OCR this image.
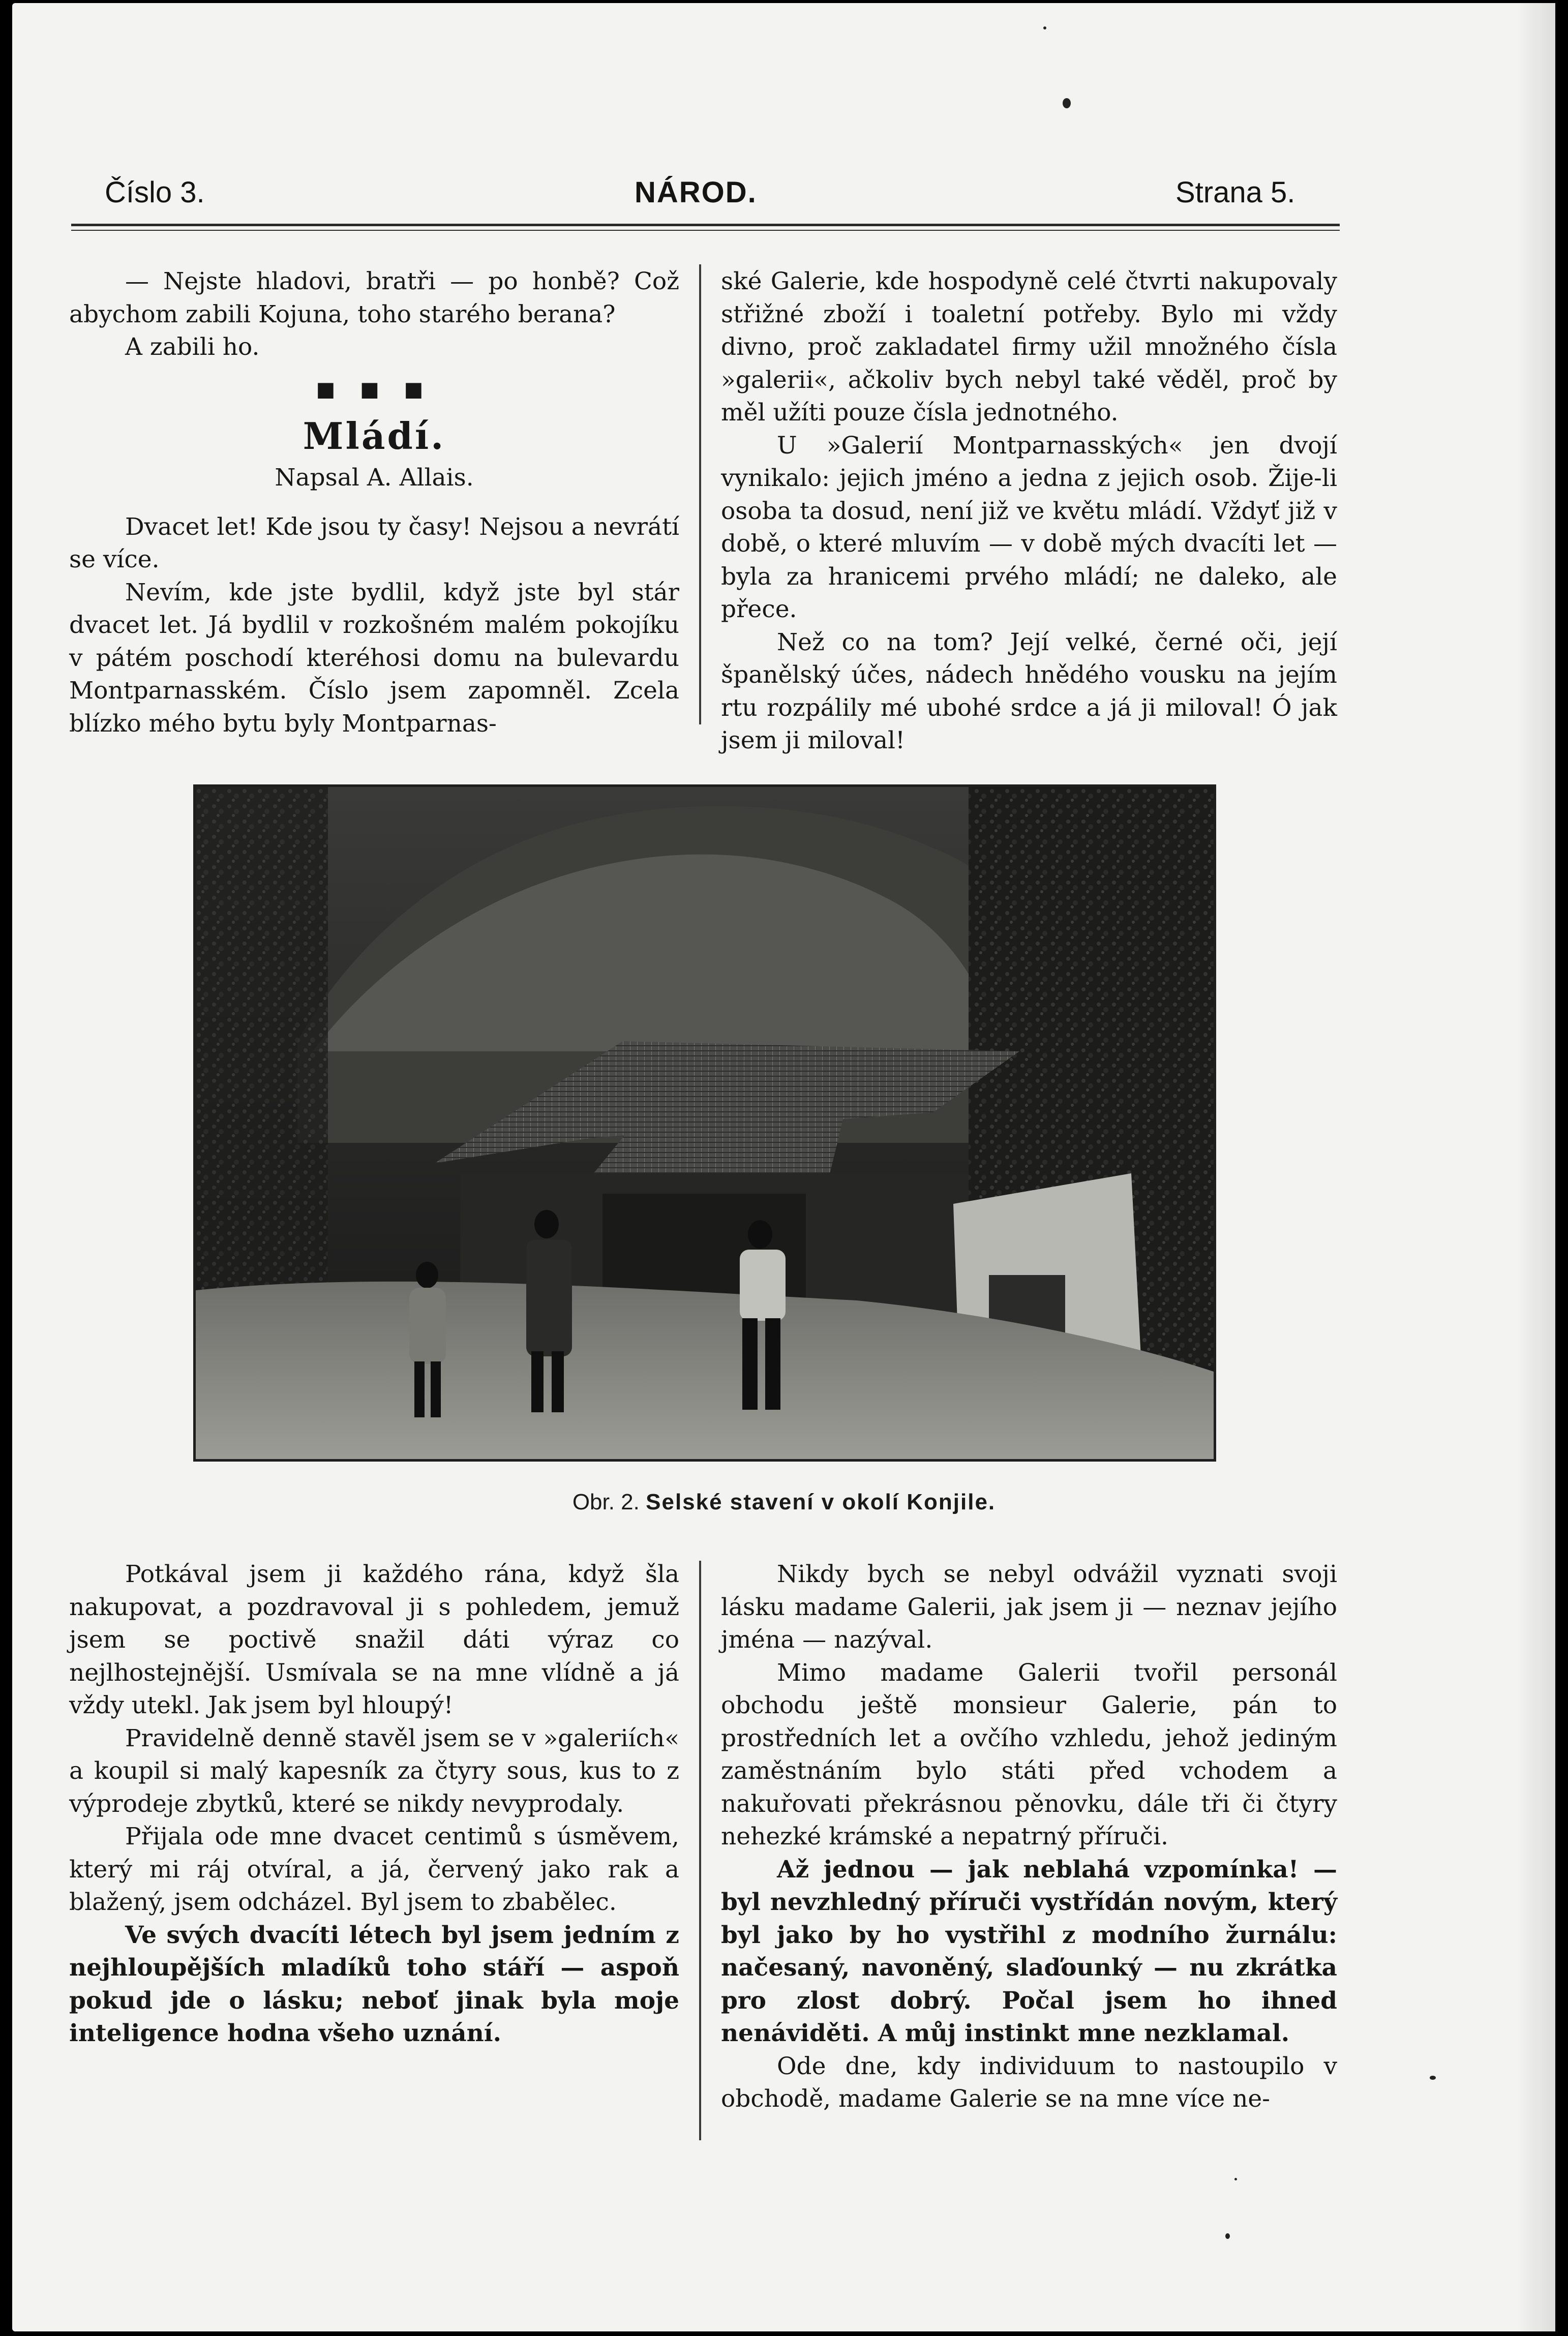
Číslo 3.	NÁROD.	Strana 5.

— Nejste hladovi, bratři — po honbě? Což abychom zabili Kojuna, toho starého berana?

A zabili ho.

■ ■ ■
Mládí.

Napsal A. Allais.

Dvacet let! Kde jsou ty časy! Nejsou a nevrátí se více.

Nevím, kde jste bydlil, když jste byl stár dvacet let. Já bydlil v rozkošném malém pokojíku v pátém poschodí kteréhosi domu na bulevardu Montparnasském. Číslo jsem zapomněl. Zcela blízko mého bytu byly Montparnas-

ské Galerie, kde hospodyně celé čtvrti nakupovaly střižné zboží i toaletní potřeby. Bylo mi vždy divno, proč zakladatel firmy užil množného čísla »galerii«, ačkoliv bych nebyl také věděl, proč by měl užíti pouze čísla jednotného.

U »Galerií Montparnasských« jen dvojí vynikalo: jejich jméno a jedna z jejich osob. Žije-li osoba ta dosud, není již ve květu mládí. Vždyť již v době, o které mluvím — v době mých dvacíti let — byla za hranicemi prvého mládí; ne daleko, ale přece.

Než co na tom? Její velké, černé oči, její španělský účes, nádech hnědého vousku na jejím rtu rozpálily mé ubohé srdce a já ji miloval! Ó jak jsem ji miloval!

Obr. 2. Selské stavení v okolí Konjile.

Potkával jsem ji každého rána, když šla nakupovat, a pozdravoval ji s pohledem, jemuž jsem se poctivě snažil dáti výraz co nejlhostejnější. Usmívala se na mne vlídně a já vždy utekl. Jak jsem byl hloupý!

Pravidelně denně stavěl jsem se v »galeriích« a koupil si malý kapesník za čtyry sous, kus to z výprodeje zbytků, které se nikdy nevyprodaly.

Přijala ode mne dvacet centimů s úsměvem, který mi ráj otvíral, a já, červený jako rak a blažený, jsem odcházel. Byl jsem to zbabělec.

Ve svých dvacíti létech byl jsem jedním z nejhloupějších mladíků toho stáří — aspoň pokud jde o lásku; neboť jinak byla moje inteligence hodna všeho uznání.

Nikdy bych se nebyl odvážil vyznati svoji lásku madame Galerii, jak jsem ji — neznav jejího jména — nazýval.

Mimo madame Galerii tvořil personál obchodu ještě monsieur Galerie, pán to prostředních let a ovčího vzhledu, jehož jediným zaměstnáním bylo státi před vchodem a nakuřovati překrásnou pěnovku, dále tři či čtyry nehezké krámské a nepatrný příruči.

Až jednou — jak neblahá vzpomínka! — byl nevzhledný příruči vystřídán novým, který byl jako by ho vystřihl z modního žurnálu: načesaný, navoněný, slaďounký — nu zkrátka pro zlost dobrý. Počal jsem ho ihned nenáviděti. A můj instinkt mne nezklamal.

Ode dne, kdy individuum to nastoupilo v obchodě, madame Galerie se na mne více ne-
